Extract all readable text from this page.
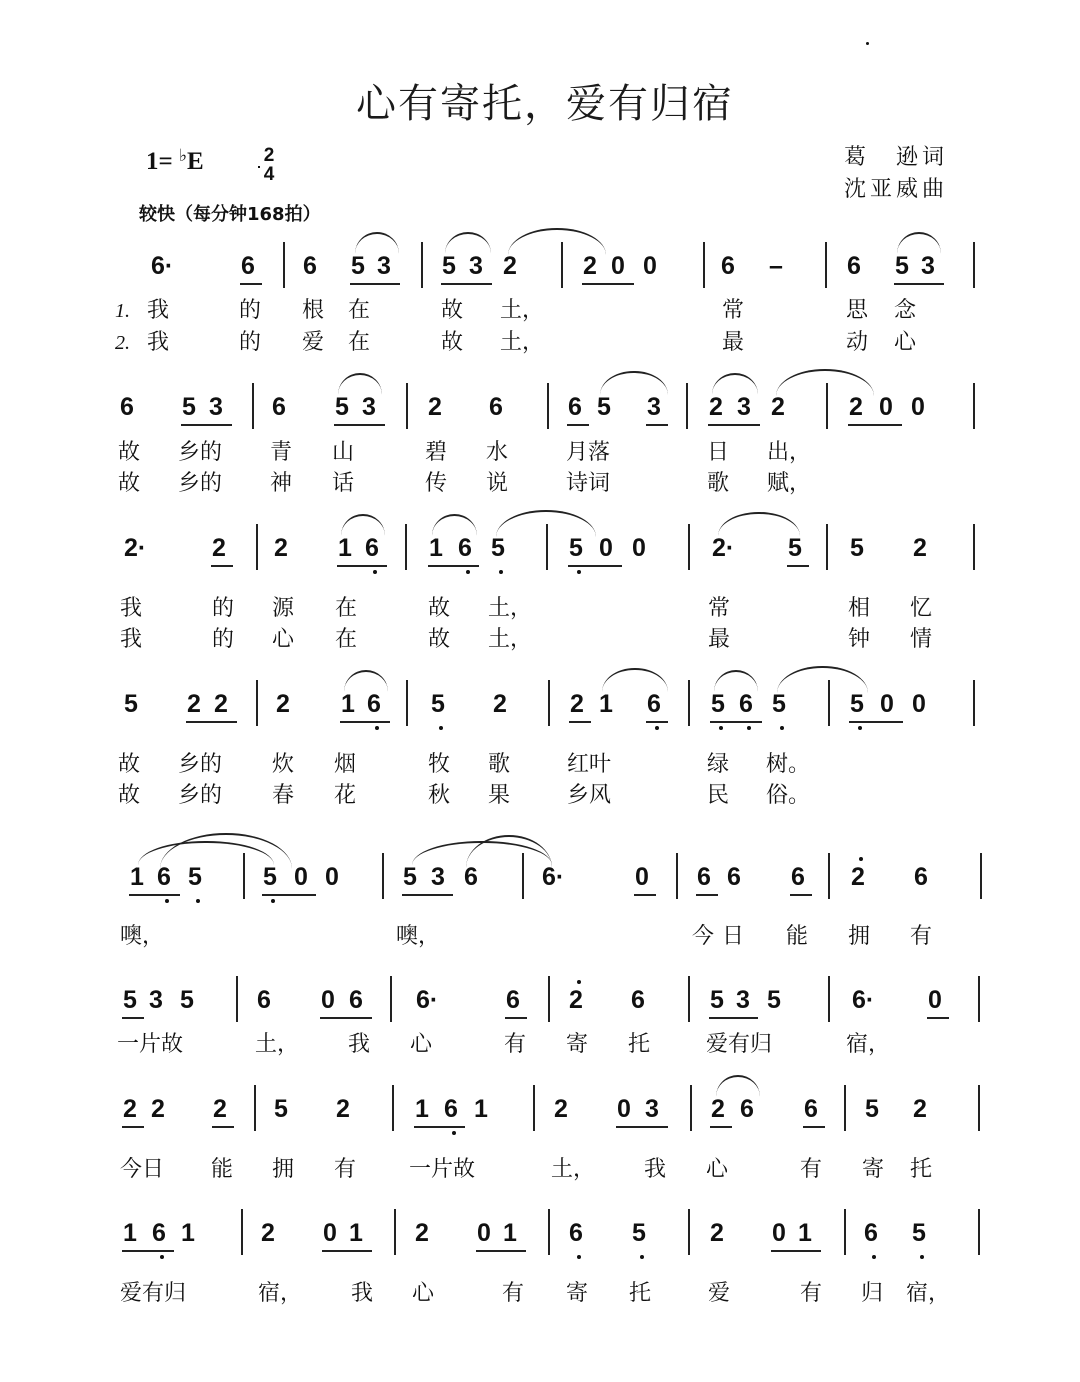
心有寄托，爱有归宿
1= ♭E	2
4
较快（每分钟168拍）
葛　逊词
沈亚威曲
6·	6 6 5 3 5 3 2	2 0 0	6 –	6 5 3
1. 我	的 根 在	故 土，	常	思 念
2. 我	的 爱 在	故 土，	最	动 心
6 5 3 6 5 3 2 6	6 5 3 2 3 2	2 0 0
故 乡的 青 山	碧 水	月落	日 出，
故 乡的 神 话	传 说	诗词	歌 赋，
2·	2 2 1 6 1 6 5	5 0 0	2·	5 5 2
我	的 源 在	故 土，	常	相 忆
我	的 心 在	故 土，	最	钟 情
5 2 2 2 1 6 5 2	2 1 6 5 6 5	5 0 0
故 乡的 炊 烟	牧 歌	红叶	绿 树。
故 乡的 春 花	秋 果	乡风	民 俗。
1 6 5 5 0 0	5 3 6	6·	0 6 6 6 2 6
噢，	噢，	今 日 能 拥 有
5 3 5	6 0 6 6·	6 2 6	5 3 5	6·	0
一片故	土， 我 心	有 寄 托	爱有归	宿，
2 2 2 5 2	1 6 1	2 0 3 2 6 6 5 2
今日 能 拥 有 一片故	土， 我 心	有 寄 托
1 6 1	2 0 1 2 0 1 6 5	2 0 1 6 5
爱有归	宿， 我 心	有 寄 托	爱	有 归 宿，
